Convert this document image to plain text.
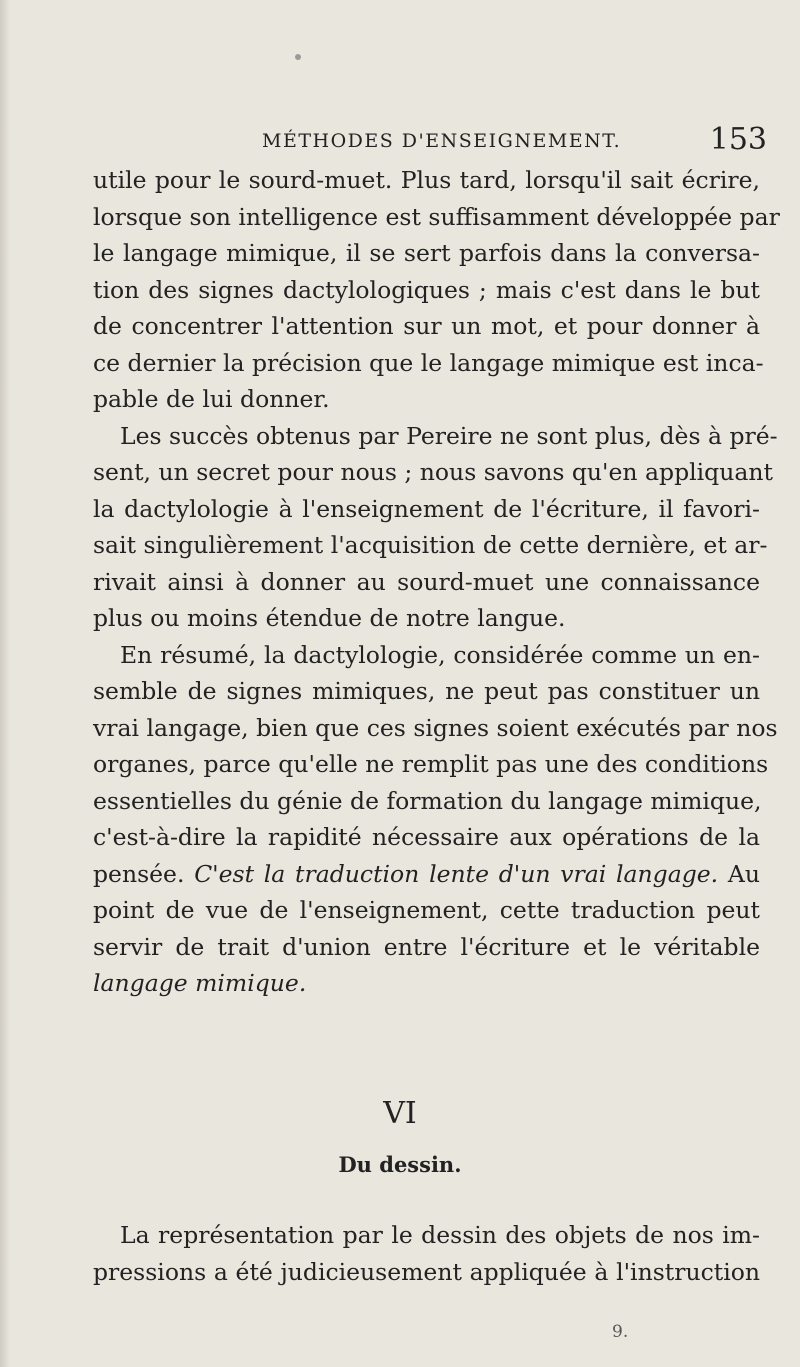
MÉTHODES D'ENSEIGNEMENT.	153
utile pour le sourd-muet. Plus tard, lorsqu'il sait écrire,
lorsque son intelligence est suffisamment développée par
le langage mimique, il se sert parfois dans la conversa-
tion des signes dactylologiques ; mais c'est dans le but
de concentrer l'attention sur un mot, et pour donner à
ce dernier la précision que le langage mimique est inca-
pable de lui donner.
Les succès obtenus par Pereire ne sont plus, dès à pré-
sent, un secret pour nous ; nous savons qu'en appliquant
la dactylologie à l'enseignement de l'écriture, il favori-
sait singulièrement l'acquisition de cette dernière, et ar-
rivait ainsi à donner au sourd-muet une connaissance
plus ou moins étendue de notre langue.
En résumé, la dactylologie, considérée comme un en-
semble de signes mimiques, ne peut pas constituer un
vrai langage, bien que ces signes soient exécutés par nos
organes, parce qu'elle ne remplit pas une des conditions
essentielles du génie de formation du langage mimique,
c'est-à-dire la rapidité nécessaire aux opérations de la
pensée. C'est la traduction lente d'un vrai langage. Au
point de vue de l'enseignement, cette traduction peut
servir de trait d'union entre l'écriture et le véritable
langage mimique.
VI
Du dessin.
La représentation par le dessin des objets de nos im-
pressions a été judicieusement appliquée à l'instruction
9.
